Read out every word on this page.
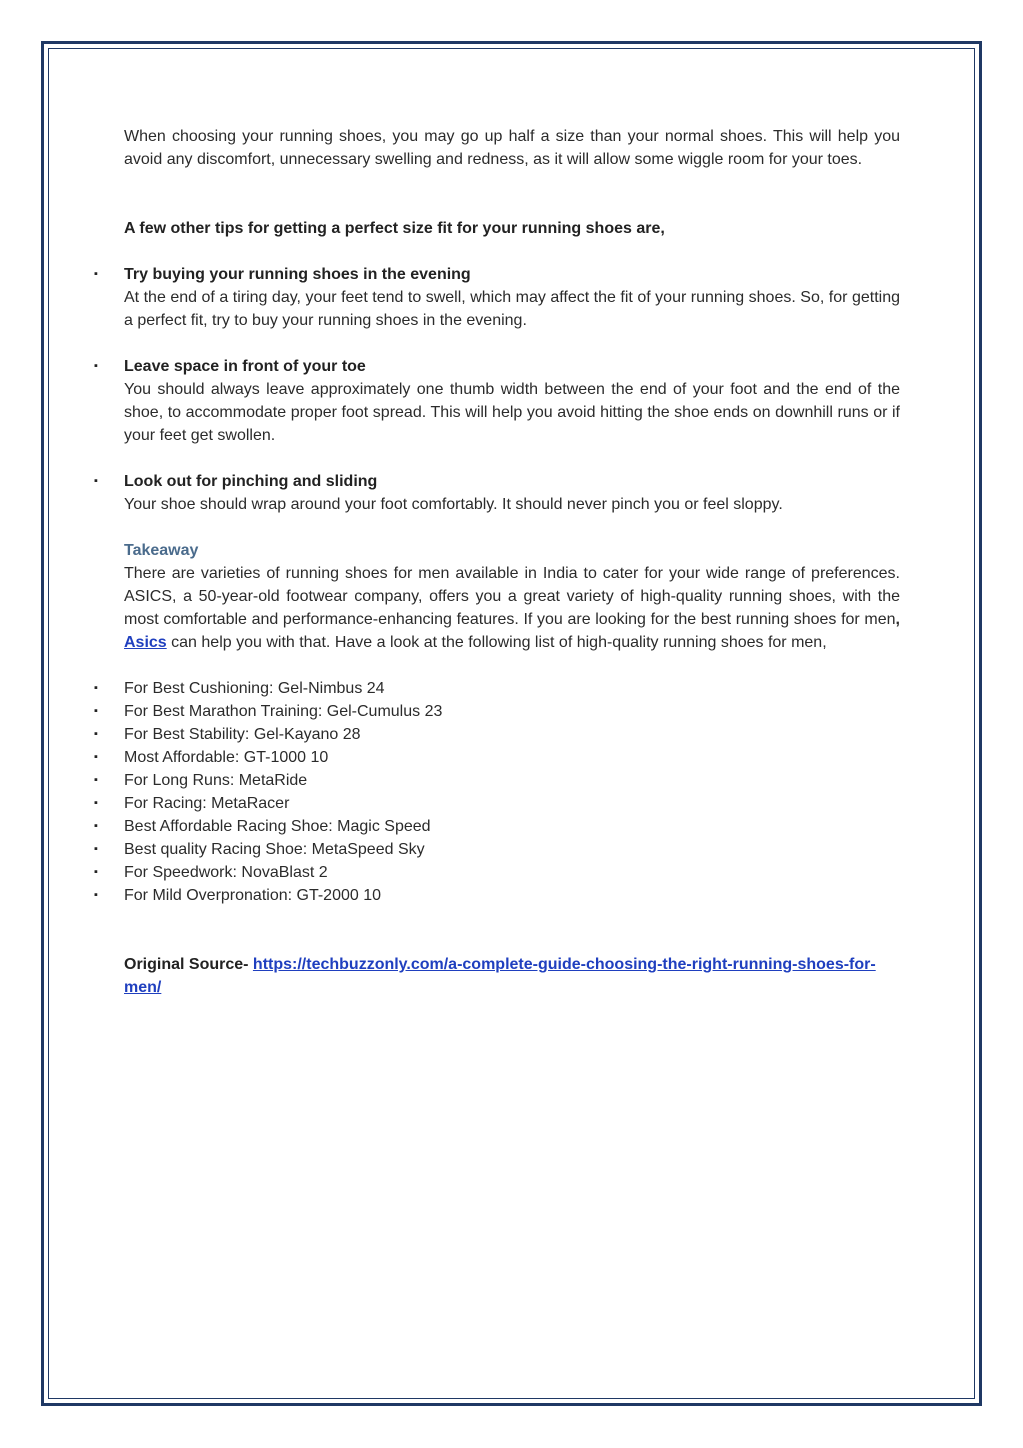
When choosing your running shoes, you may go up half a size than your normal shoes. This will help you avoid any discomfort, unnecessary swelling and redness, as it will allow some wiggle room for your toes.

A few other tips for getting a perfect size fit for your running shoes are,

▪ Try buying your running shoes in the evening

At the end of a tiring day, your feet tend to swell, which may affect the fit of your running shoes. So, for getting a perfect fit, try to buy your running shoes in the evening.

▪ Leave space in front of your toe

You should always leave approximately one thumb width between the end of your foot and the end of the shoe, to accommodate proper foot spread. This will help you avoid hitting the shoe ends on downhill runs or if your feet get swollen.

▪ Look out for pinching and sliding

Your shoe should wrap around your foot comfortably. It should never pinch you or feel sloppy.

Takeaway

There are varieties of running shoes for men available in India to cater for your wide range of preferences. ASICS, a 50-year-old footwear company, offers you a great variety of high-quality running shoes, with the most comfortable and performance-enhancing features. If you are looking for the best running shoes for men, Asics can help you with that. Have a look at the following list of high-quality running shoes for men,

▪ For Best Cushioning: Gel-Nimbus 24
▪ For Best Marathon Training: Gel-Cumulus 23
▪ For Best Stability: Gel-Kayano 28
▪ Most Affordable: GT-1000 10
▪ For Long Runs: MetaRide
▪ For Racing: MetaRacer
▪ Best Affordable Racing Shoe: Magic Speed
▪ Best quality Racing Shoe: MetaSpeed Sky
▪ For Speedwork: NovaBlast 2
▪ For Mild Overpronation: GT-2000 10

Original Source- https://techbuzzonly.com/a-complete-guide-choosing-the-right-running-shoes-for-men/
